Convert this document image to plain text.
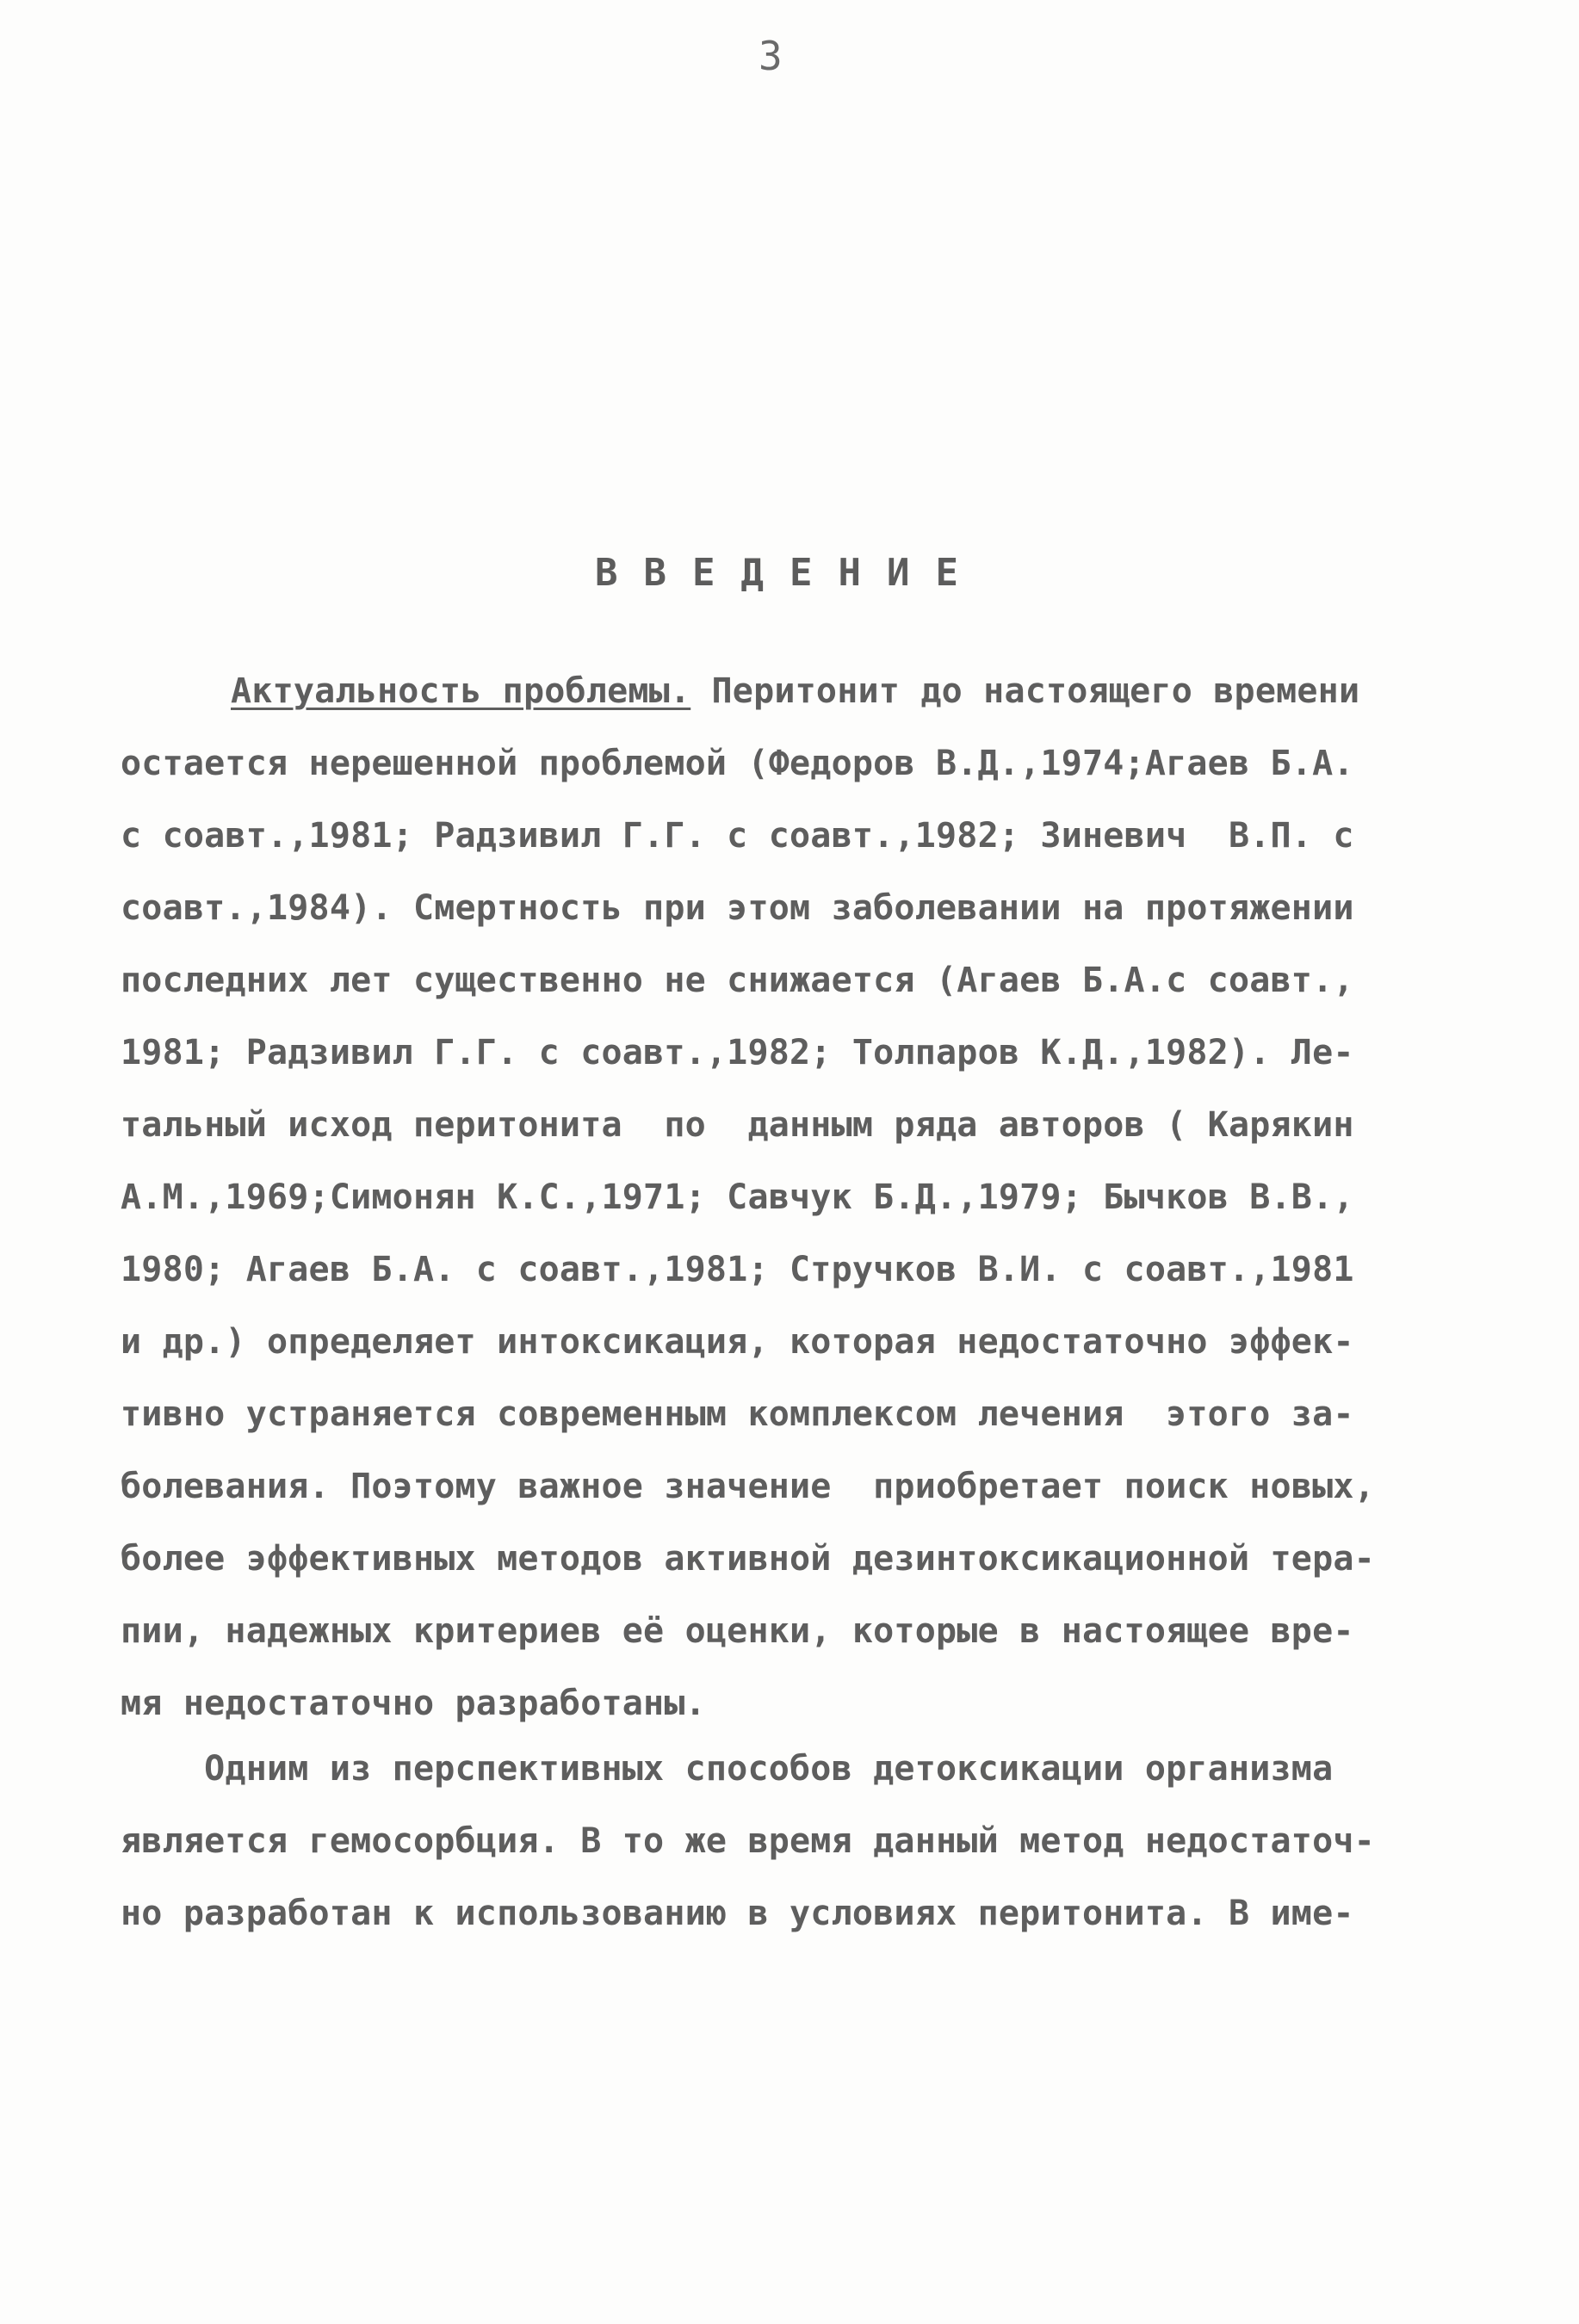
3
ВВЕДЕНИЕ
Актуальность проблемы. Перитонит до настоящего времени
остается нерешенной проблемой (Федоров В.Д.,1974;Агаев Б.А.
с соавт.,1981; Радзивил Г.Г. с соавт.,1982; Зиневич  В.П. с
соавт.,1984). Смертность при этом заболевании на протяжении
последних лет существенно не снижается (Агаев Б.А.с соавт.,
1981; Радзивил Г.Г. с соавт.,1982; Толпаров К.Д.,1982). Ле-
тальный исход перитонита  по  данным ряда авторов ( Карякин
А.М.,1969;Симонян К.С.,1971; Савчук Б.Д.,1979; Бычков В.В.,
1980; Агаев Б.А. с соавт.,1981; Стручков В.И. с соавт.,1981
и др.) определяет интоксикация, которая недостаточно эффек-
тивно устраняется современным комплексом лечения  этого за-
болевания. Поэтому важное значение  приобретает поиск новых,
более эффективных методов активной дезинтоксикационной тера-
пии, надежных критериев её оценки, которые в настоящее вре-
мя недостаточно разработаны.
Одним из перспективных способов детоксикации организма
является гемосорбция. В то же время данный метод недостаточ-
но разработан к использованию в условиях перитонита. В име-
